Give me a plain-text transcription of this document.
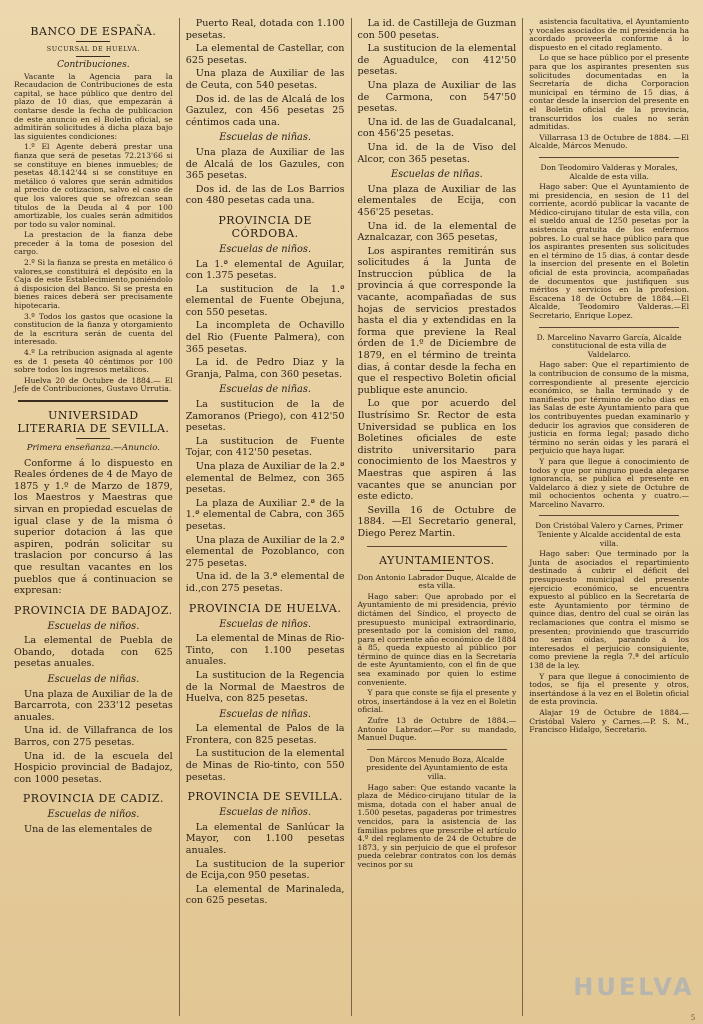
BANCO DE ESPAÑA.
SUCURSAL DE HUELVA.
Contribuciones.

Vacante la Agencia para la Recaudacion de Contribuciones de esta capital, se hace público que dentro del plazo de 10 dias, que empezarán á contarse desde la fecha de publicacion de este anuncio en el Boletin oficial, se admitirán solicitudes á dicha plaza bajo las siguientes condiciones:

1.º El Agente deberá prestar una fianza que será de pesetas 72.213'66 si se constituye en bienes inmuebles; de pesetas 48.142'44 si se constituye en metálico ó valores que serán admitidos al precio de cotizacion, salvo el caso de que los valores que se ofrezcan sean títulos de la Deuda al 4 por 100 amortizable, los cuales serán admitidos por todo su valor nominal.

La prestacion de la fianza debe preceder á la toma de posesion del cargo.

2.º Si la fianza se presta en metálico ó valores,se constituirá el depósito en la Caja de este Establecimiento,poniéndolo á disposicion del Banco. Si se presta en bienes raices deberá ser precisamente hipotecaria.

3.º Todos los gastos que ocasione la constitucion de la fianza y otorgamiento de la escritura serán de cuenta del interesado.

4.º La retribucion asignada al agente es de 1 peseta 40 céntimos por 100 sobre todos los ingresos metálicos.

Huelva 20 de Octubre de 1884.— El Jefe de Contribuciones, Gustavo Urrutia.

UNIVERSIDAD LITERARIA DE SEVILLA.
Primera enseñanza.—Anuncio.

Conforme á lo dispuesto en Reales órdenes de 4 de Mayo de 1875 y 1.º de Marzo de 1879, los Maestros y Maestras que sirvan en propiedad escuelas de igual clase y de la misma ó superior dotacion á las que aspiren, podrán solicitar su traslacion por concurso á las que resultan vacantes en los pueblos que á continuacion se expresan:

PROVINCIA DE BADAJOZ.
Escuelas de niños.

La elemental de Puebla de Obando, dotada con 625 pesetas anuales.

Escuelas de niñas.

Una plaza de Auxiliar de la de Barcarrota, con 233'12 pesetas anuales.

Una id. de Villafranca de los Barros, con 275 pesetas.

Una id. de la escuela del Hospicio provincial de Badajoz, con 1000 pesetas.

PROVINCIA DE CADIZ.
Escuelas de niños.

Una de las elementales de

Puerto Real, dotada con 1.100 pesetas.

La elemental de Castellar, con 625 pesetas.

Una plaza de Auxiliar de las de Ceuta, con 540 pesetas.

Dos id. de las de Alcalá de los Gazulez, con 456 pesetas 25 céntimos cada una.

Escuelas de niñas.

Una plaza de Auxiliar de las de Alcalá de los Gazules, con 365 pesetas.

Dos id. de las de Los Barrios con 480 pesetas cada una.

PROVINCIA DE CÓRDOBA.
Escuelas de niños.

La 1.ª elemental de Aguilar, con 1.375 pesetas.

La sustitucion de la 1.ª elemental de Fuente Obejuna, con 550 pesetas.

La incompleta de Ochavillo del Rio (Fuente Palmera), con 365 pesetas.

La id. de Pedro Diaz y la Granja, Palma, con 360 pesetas.

Escuelas de niñas.

La sustitucion de la de Zamoranos (Priego), con 412'50 pesetas.

La sustitucion de Fuente Tojar, con 412'50 pesetas.

Una plaza de Auxiliar de la 2.ª elemental de Belmez, con 365 pesetas.

La plaza de Auxiliar 2.ª de la 1.ª elemental de Cabra, con 365 pesetas.

Una plaza de Auxiliar de la 2.ª elemental de Pozoblanco, con 275 pesetas.

Una id. de la 3.ª elemental de id.,con 275 pesetas.

PROVINCIA DE HUELVA.
Escuelas de niños.

La elemental de Minas de Rio-Tinto, con 1.100 pesetas anuales.

La sustitucion de la Regencia de la Normal de Maestros de Huelva, con 825 pesetas.

Escuelas de niñas.

La elemental de Palos de la Frontera, con 825 pesetas.

La sustitucion de la elemental de Minas de Rio-tinto, con 550 pesetas.

PROVINCIA DE SEVILLA.
Escuelas de niños.

La elemental de Sanlúcar la Mayor, con 1.100 pesetas anuales.

La sustitucion de la superior de Ecija,con 950 pesetas.

La elemental de Marinaleda, con 625 pesetas.

La id. de Castilleja de Guzman con 500 pesetas.

La sustitucion de la elemental de Aguadulce, con 412'50 pesetas.

Una plaza de Auxiliar de las de Carmona, con 547'50 pesetas.

Una id. de las de Guadalcanal, con 456'25 pesetas.

Una id. de la de Viso del Alcor, con 365 pesetas.

Escuelas de niñas.

Una plaza de Auxiliar de las elementales de Ecija, con 456'25 pesetas.

Una id. de la elemental de Aznalcazar, con 365 pesetas,

Los aspirantes remitirán sus solicitudes á la Junta de Instruccion pública de la provincia á que corresponde la vacante, acompañadas de sus hojas de servicios prestados hasta el dia y extendidas en la forma que previene la Real órden de 1.º de Diciembre de 1879, en el término de treinta dias, á contar desde la fecha en que el respectivo Boletin oficial publique este anuncio.

Lo que por acuerdo del Ilustrísimo Sr. Rector de esta Universidad se publica en los Boletines oficiales de este distrito universitario para conocimiento de los Maestros y Maestras que aspiren á las vacantes que se anuncian por este edicto.

Sevilla 16 de Octubre de 1884. —El Secretario general, Diego Perez Martin.

AYUNTAMIENTOS.

Don Antonio Labrador Duque, Alcalde de esta villa.

Hago saber: Que aprobado por el Ayuntamiento de mi presidencia, prévio dictámen del Síndico, el proyecto de presupuesto municipal extraordinario, presentado por la comision del ramo, para el corriente año económico de 1884 á 85, queda expuesto al público por término de quince dias en la Secretaría de este Ayuntamiento, con el fin de que sea examinado por quien lo estime conveniente.

Y para que conste se fija el presente y otros, insertándose á la vez en el Boletin oficial.

Zufre 13 de Octubre de 1884.— Antonio Labrador.—Por su mandado, Manuel Duque.

Don Márcos Menudo Boza, Alcalde presidente del Ayuntamiento de esta villa.

Hago saber: Que estando vacante la plaza de Médico-cirujano titular de la misma, dotada con el haber anual de 1.500 pesetas, pagaderas por trimestres vencidos, para la asistencia de las familias pobres que prescribe el artículo 4.º del reglamento de 24 de Octubre de 1873, y sin perjuicio de que el profesor pueda celebrar contratos con los demás vecinos por su

asistencia facultativa, el Ayuntamiento y vocales asociados de mi presidencia ha acordado proveerla conforme á lo dispuesto en el citado reglamento.

Lo que se hace público por el presente para que los aspirantes presenten sus solicitudes documentadas en la Secretaría de dicha Corporacion municipal en término de 15 dias, á contar desde la insercion del presente en el Boletin oficial de la provincia, transcurridos los cuales no serán admitidas.

Villarrasa 13 de Octubre de 1884. —El Alcalde, Márcos Menudo.

Don Teodomiro Valderas y Morales, Alcalde de esta villa.

Hago saber: Que el Ayuntamiento de mi presidencia, en sesion de 11 del corriente, acordó publicar la vacante de Médico-cirujano titular de esta villa, con el sueldo anual de 1250 pesetas por la asistencia gratuita de los enfermos pobres. Lo cual se hace público para que los aspirantes presenten sus solicitudes en el término de 15 dias, á contar desde la insercion del presente en el Boletin oficial de esta provincia, acompañadas de documentos que justifiquen sus méritos y servicios en la profesion. Escacena 18 de Octubre de 1884.—El Alcalde, Teodomiro Valderas.—El Secretario, Enrique Lopez.

D. Marcelino Navarro García, Alcalde constitucional de esta villa de Valdelarco.

Hago saber: Que el repartimiento de la contribucion de consumo de la misma, correspondiente al presente ejercicio económico, se halla terminado y de manifiesto por término de ocho dias en las Salas de este Ayuntamiento para que los contribuyentes puedan examinarlo y deducir los agravios que consideren de justicia en forma legal; pasado dicho término no serán oidas y les parará el perjuicio que haya lugar.

Y para que llegue á conocimiento de todos y que por ninguno pueda alegarse ignorancia, se publica el presente en Valdelarco á diez y siete de Octubre de mil ochocientos ochenta y cuatro.—Marcelino Navarro.

Don Cristóbal Valero y Carnes, Primer Teniente y Alcalde accidental de esta villa.

Hago saber: Que terminado por la Junta de asociados el repartimiento destinado á cubrir el déficit del presupuesto municipal del presente ejercicio económico, se encuentra expuesto al público en la Secretaría de este Ayuntamiento por término de quince dias, dentro del cual se oirán las reclamaciones que contra el mismo se presenten; proviniendo que trascurrido no serán oidas, parando á los interesados el perjuicio consiguiente, como previene la regla 7.ª del artículo 138 de la ley.

Y para que llegue á conocimiento de todos, se fija el presente y otros, insertándose á la vez en el Boletin oficial de esta provincia.

Alajar 19 de Octubre de 1884.— Cristóbal Valero y Carnes.—P. S. M., Francisco Hidalgo, Secretario.

HUELVA
5
